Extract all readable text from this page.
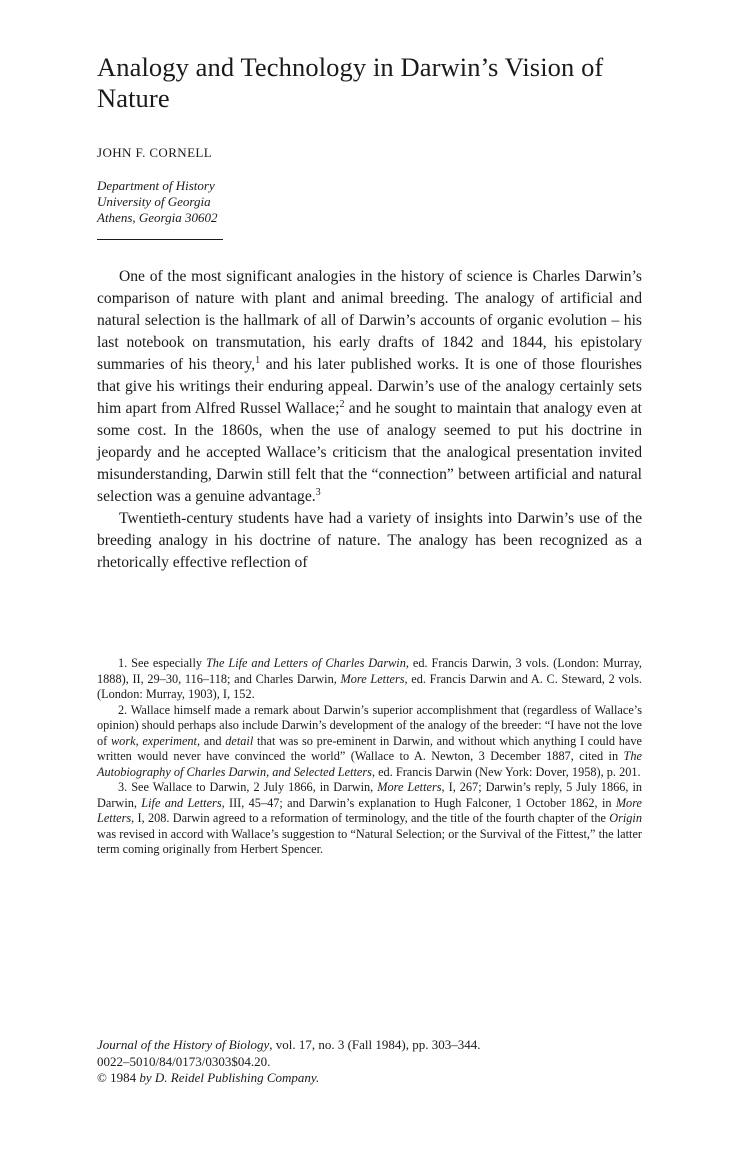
Analogy and Technology in Darwin’s Vision of Nature
JOHN F. CORNELL
Department of History
University of Georgia
Athens, Georgia 30602

One of the most significant analogies in the history of science is Charles Darwin’s comparison of nature with plant and animal breeding. The analogy of artificial and natural selection is the hallmark of all of Darwin’s accounts of organic evolution – his last notebook on transmutation, his early drafts of 1842 and 1844, his epistolary summaries of his theory,$^1$ and his later published works. It is one of those flourishes that give his writings their enduring appeal. Darwin’s use of the analogy certainly sets him apart from Alfred Russel Wallace;$^2$ and he sought to maintain that analogy even at some cost. In the 1860s, when the use of analogy seemed to put his doctrine in jeopardy and he accepted Wallace’s criticism that the analogical presentation invited misunderstanding, Darwin still felt that the “connection” between artificial and natural selection was a genuine advantage.$^3$

Twentieth-century students have had a variety of insights into Darwin’s use of the breeding analogy in his doctrine of nature. The analogy has been recognized as a rhetorically effective reflection of

1. See especially The Life and Letters of Charles Darwin, ed. Francis Darwin, 3 vols. (London: Murray, 1888), II, 29–30, 116–118; and Charles Darwin, More Letters, ed. Francis Darwin and A. C. Steward, 2 vols. (London: Murray, 1903), I, 152.

2. Wallace himself made a remark about Darwin’s superior accomplishment that (regardless of Wallace’s opinion) should perhaps also include Darwin’s development of the analogy of the breeder: “I have not the love of work, experiment, and detail that was so pre-eminent in Darwin, and without which anything I could have written would never have convinced the world” (Wallace to A. Newton, 3 December 1887, cited in The Autobiography of Charles Darwin, and Selected Letters, ed. Francis Darwin (New York: Dover, 1958), p. 201.

3. See Wallace to Darwin, 2 July 1866, in Darwin, More Letters, I, 267; Darwin’s reply, 5 July 1866, in Darwin, Life and Letters, III, 45–47; and Darwin’s explanation to Hugh Falconer, 1 October 1862, in More Letters, I, 208. Darwin agreed to a reformation of terminology, and the title of the fourth chapter of the Origin was revised in accord with Wallace’s suggestion to “Natural Selection; or the Survival of the Fittest,” the latter term coming originally from Herbert Spencer.

Journal of the History of Biology, vol. 17, no. 3 (Fall 1984), pp. 303–344.
0022–5010/84/0173/0303$04.20.
© 1984 by D. Reidel Publishing Company.
